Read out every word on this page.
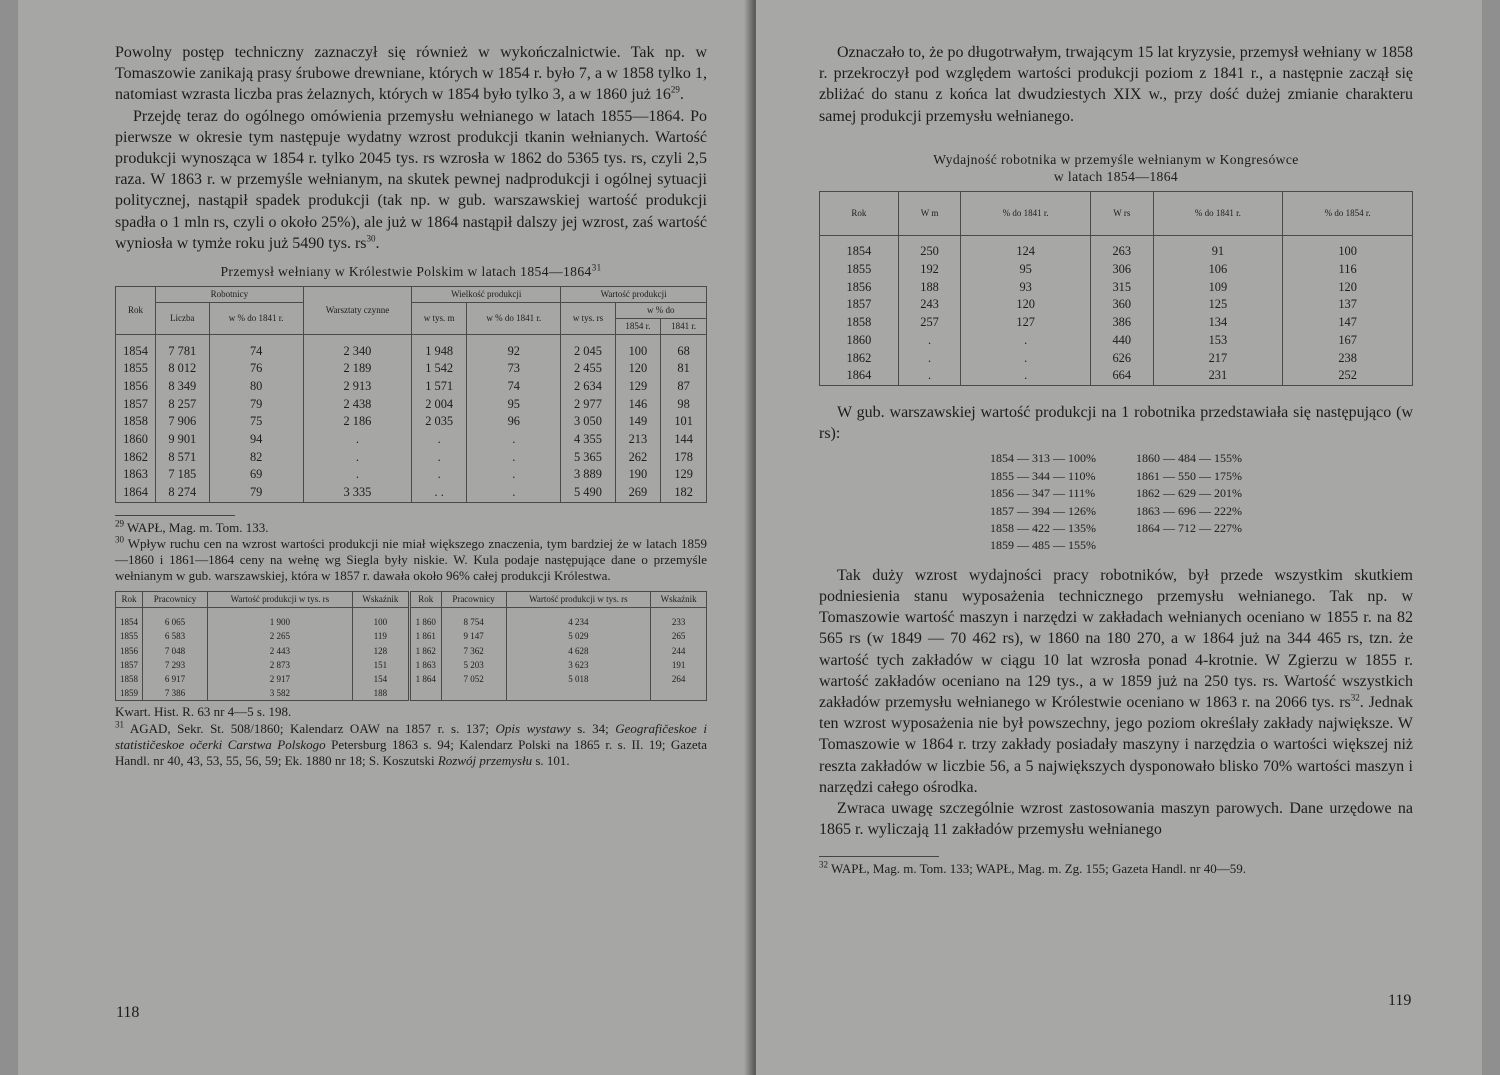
Powolny postęp techniczny zaznaczył się również w wykończalnictwie. Tak np. w Tomaszowie zanikają prasy śrubowe drewniane, których w 1854 r. było 7, a w 1858 tylko 1, natomiast wzrasta liczba pras żelaznych, których w 1854 było tylko 3, a w 1860 już $16^{29}$.

Przejdę teraz do ogólnego omówienia przemysłu wełnianego w latach 1855—1864. Po pierwsze w okresie tym następuje wydatny wzrost produkcji tkanin wełnianych. Wartość produkcji wynosząca w 1854 r. tylko 2045 tys. rs wzrosła w 1862 do 5365 tys. rs, czyli 2,5 raza. W 1863 r. w przemyśle wełnianym, na skutek pewnej nadprodukcji i ogólnej sytuacji politycznej, nastąpił spadek produkcji (tak np. w gub. warszawskiej wartość produkcji spadła o 1 mln rs, czyli o około 25%), ale już w 1864 nastąpił dalszy jej wzrost, zaś wartość wyniosła w tymże roku już 5490 tys. $rs^{30}$.

Przemysł wełniany w Królestwie Polskim w latach 1854—1864$^{31}$
Rok	Robotnicy		Warsztaty czynne	Wielkość produkcji		Wartość produkcji		
	Liczba	w % do 1841 r.		w tys. m	w % do 1841 r.	w tys. rs	w % do	
							1854 r.	1841 r.

1854	7 781	74	2 340	1 948	92	2 045	100	68
1855	8 012	76	2 189	1 542	73	2 455	120	81
1856	8 349	80	2 913	1 571	74	2 634	129	87
1857	8 257	79	2 438	2 004	95	2 977	146	98
1858	7 906	75	2 186	2 035	96	3 050	149	101
1860	9 901	94	.	.	.	4 355	213	144
1862	8 571	82	.	.	.	5 365	262	178
1863	7 185	69	.	.	.	3 889	190	129
1864	8 274	79	3 335	. .	.	5 490	269	182

$^{29}$ WAPŁ, Mag. m. Tom. 133.

$^{30}$ Wpływ ruchu cen na wzrost wartości produkcji nie miał większego znaczenia, tym bardziej że w latach 1859—1860 i 1861—1864 ceny na wełnę wg Siegla były niskie. W. Kula podaje następujące dane o przemyśle wełnianym w gub. warszawskiej, która w 1857 r. dawała około 96% całej produkcji Królestwa.

Rok	Pracownicy	Wartość produkcji w tys. rs	Wskaźnik	Rok	Pracownicy	Wartość produkcji w tys. rs	Wskaźnik

1854	6 065	1 900	100	1 860	8 754	4 234	233
1855	6 583	2 265	119	1 861	9 147	5 029	265
1856	7 048	2 443	128	1 862	7 362	4 628	244
1857	7 293	2 873	151	1 863	5 203	3 623	191
1858	6 917	2 917	154	1 864	7 052	5 018	264
1859	7 386	3 582	188				

Kwart. Hist. R. 63 nr 4—5 s. 198.

$^{31}$ AGAD, Sekr. St. 508/1860; Kalendarz OAW na 1857 r. s. 137; Opis wystawy s. 34; Geografičeskoe i statističeskoe očerki Carstwa Polskogo Petersburg 1863 s. 94; Kalendarz Polski na 1865 r. s. II. 19; Gazeta Handl. nr 40, 43, 53, 55, 56, 59; Ek. 1880 nr 18; S. Koszutski Rozwój przemysłu s. 101.

118

Oznaczało to, że po długotrwałym, trwającym 15 lat kryzysie, przemysł wełniany w 1858 r. przekroczył pod względem wartości produkcji poziom z 1841 r., a następnie zaczął się zbliżać do stanu z końca lat dwudziestych XIX w., przy dość dużej zmianie charakteru samej produkcji przemysłu wełnianego.

Wydajność robotnika w przemyśle wełnianym w Kongresówce
w latach 1854—1864
Rok	W m	% do 1841 r.	W rs	% do 1841 r.	% do 1854 r.

1854	250	124	263	91	100
1855	192	95	306	106	116
1856	188	93	315	109	120
1857	243	120	360	125	137
1858	257	127	386	134	147
1860	.	.	440	153	167
1862	.	.	626	217	238
1864	.	.	664	231	252

W gub. warszawskiej wartość produkcji na 1 robotnika przedstawiała się następująco (w rs):

1854 — 313 — 100%
1855 — 344 — 110%
1856 — 347 — 111%
1857 — 394 — 126%
1858 — 422 — 135%
1859 — 485 — 155%
1860 — 484 — 155%
1861 — 550 — 175%
1862 — 629 — 201%
1863 — 696 — 222%
1864 — 712 — 227%

Tak duży wzrost wydajności pracy robotników, był przede wszystkim skutkiem podniesienia stanu wyposażenia technicznego przemysłu wełnianego. Tak np. w Tomaszowie wartość maszyn i narzędzi w zakładach wełnianych oceniano w 1855 r. na 82 565 rs (w 1849 — 70 462 rs), w 1860 na 180 270, a w 1864 już na 344 465 rs, tzn. że wartość tych zakładów w ciągu 10 lat wzrosła ponad 4-krotnie. W Zgierzu w 1855 r. wartość zakładów oceniano na 129 tys., a w 1859 już na 250 tys. rs. Wartość wszystkich zakładów przemysłu wełnianego w Królestwie oceniano w 1863 r. na 2066 tys. $rs^{32}$. Jednak ten wzrost wyposażenia nie był powszechny, jego poziom określały zakłady największe. W Tomaszowie w 1864 r. trzy zakłady posiadały maszyny i narzędzia o wartości większej niż reszta zakładów w liczbie 56, a 5 największych dysponowało blisko 70% wartości maszyn i narzędzi całego ośrodka.

Zwraca uwagę szczególnie wzrost zastosowania maszyn parowych. Dane urzędowe na 1865 r. wyliczają 11 zakładów przemysłu wełnianego

$^{32}$ WAPŁ, Mag. m. Tom. 133; WAPŁ, Mag. m. Zg. 155; Gazeta Handl. nr 40—59.

119
